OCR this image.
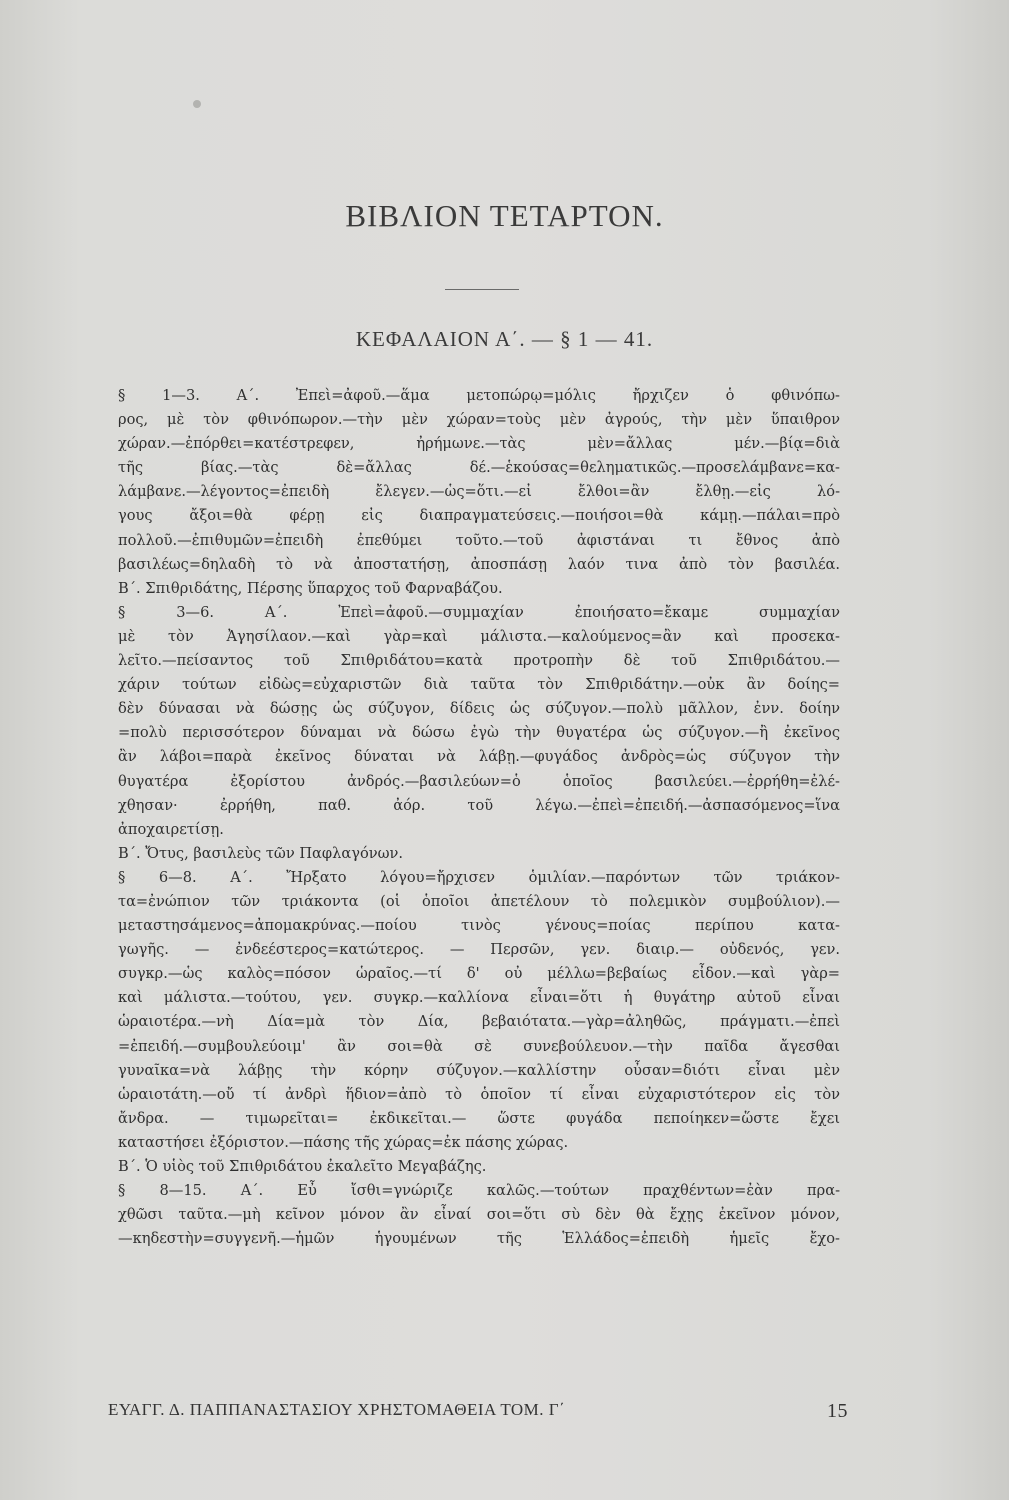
ΒΙΒΛΙΟΝ ΤΕΤΑΡΤΟΝ.
ΚΕΦΑΛΑΙΟΝ Α΄. — § 1 — 41.
§ 1—3. Α΄. Ἐπεὶ=ἀφοῦ.—ἅμα μετοπώρῳ=μόλις ἤρχιζεν ὁ φθινόπω-
ρος, μὲ τὸν φθινόπωρον.—τὴν μὲν χώραν=τοὺς μὲν ἀγρούς, τὴν μὲν ὕπαιθρον
χώραν.—ἐπόρθει=κατέστρεφεν, ἠρήμωνε.—τὰς μὲν=ἄλλας μέν.—βίᾳ=διὰ
τῆς βίας.—τὰς δὲ=ἄλλας δέ.—ἑκούσας=θεληματικῶς.—προσελάμβανε=κα-
λάμβανε.—λέγοντος=ἐπειδὴ ἔλεγεν.—ὡς=ὅτι.—εἰ ἔλθοι=ἂν ἔλθῃ.—εἰς λό-
γους ἄξοι=θὰ φέρῃ εἰς διαπραγματεύσεις.—ποιήσοι=θὰ κάμῃ.—πάλαι=πρὸ
πολλοῦ.—ἐπιθυμῶν=ἐπειδὴ ἐπεθύμει τοῦτο.—τοῦ ἀφιστάναι τι ἔθνος ἀπὸ
βασιλέως=δηλαδὴ τὸ νὰ ἀποστατήσῃ, ἀποσπάσῃ λαόν τινα ἀπὸ τὸν βασιλέα.
Β΄. Σπιθριδάτης, Πέρσης ὕπαρχος τοῦ Φαρναβάζου.
§ 3—6. Α΄. Ἐπεὶ=ἀφοῦ.—συμμαχίαν ἐποιήσατο=ἔκαμε συμμαχίαν
μὲ τὸν Ἀγησίλαον.—καὶ γὰρ=καὶ μάλιστα.—καλούμενος=ἂν καὶ προσεκα-
λεῖτο.—πείσαντος τοῦ Σπιθριδάτου=κατὰ προτροπὴν δὲ τοῦ Σπιθριδάτου.—
χάριν τούτων εἰδὼς=εὐχαριστῶν διὰ ταῦτα τὸν Σπιθριδάτην.—οὐκ ἂν δοίης=
δὲν δύνασαι νὰ δώσῃς ὡς σύζυγον, δίδεις ὡς σύζυγον.—πολὺ μᾶλλον, ἐνν. δοίην
=πολὺ περισσότερον δύναμαι νὰ δώσω ἐγὼ τὴν θυγατέρα ὡς σύζυγον.—ἢ ἐκεῖνος
ἂν λάβοι=παρὰ ἐκεῖνος δύναται νὰ λάβῃ.—φυγάδος ἀνδρὸς=ὡς σύζυγον τὴν
θυγατέρα ἐξορίστου ἀνδρός.—βασιλεύων=ὁ ὁποῖος βασιλεύει.—ἐρρήθη=ἐλέ-
χθησαν· ἐρρήθη, παθ. ἀόρ. τοῦ λέγω.—ἐπεὶ=ἐπειδή.—ἀσπασόμενος=ἵνα
ἀποχαιρετίσῃ.
Β΄. Ὄτυς, βασιλεὺς τῶν Παφλαγόνων.
§ 6—8. Α΄. Ἤρξατο λόγου=ἤρχισεν ὁμιλίαν.—παρόντων τῶν τριάκον-
τα=ἐνώπιον τῶν τριάκοντα (οἱ ὁποῖοι ἀπετέλουν τὸ πολεμικὸν συμβούλιον).—
μεταστησάμενος=ἀπομακρύνας.—ποίου τινὸς γένους=ποίας περίπου κατα-
γωγῆς. — ἐνδεέστερος=κατώτερος. — Περσῶν, γεν. διαιρ.— οὐδενός, γεν.
συγκρ.—ὡς καλὸς=πόσον ὡραῖος.—τί δ' οὐ μέλλω=βεβαίως εἶδον.—καὶ γὰρ=
καὶ μάλιστα.—τούτου, γεν. συγκρ.—καλλίονα εἶναι=ὅτι ἡ θυγάτηρ αὐτοῦ εἶναι
ὡραιοτέρα.—νὴ Δία=μὰ τὸν Δία, βεβαιότατα.—γὰρ=ἀληθῶς, πράγματι.—ἐπεὶ
=ἐπειδή.—συμβουλεύοιμ' ἂν σοι=θὰ σὲ συνεβούλευον.—τὴν παῖδα ἄγεσθαι
γυναῖκα=νὰ λάβῃς τὴν κόρην σύζυγον.—καλλίστην οὖσαν=διότι εἶναι μὲν
ὡραιοτάτη.—οὔ τί ἀνδρὶ ἥδιον=ἀπὸ τὸ ὁποῖον τί εἶναι εὐχαριστότερον εἰς τὸν
ἄνδρα. — τιμωρεῖται= ἐκδικεῖται.— ὥστε φυγάδα πεποίηκεν=ὥστε ἔχει
καταστήσει ἐξόριστον.—πάσης τῆς χώρας=ἐκ πάσης χώρας.
Β΄. Ὁ υἱὸς τοῦ Σπιθριδάτου ἐκαλεῖτο Μεγαβάζης.
§ 8—15. Α΄. Εὖ ἴσθι=γνώριζε καλῶς.—τούτων πραχθέντων=ἐὰν πρα-
χθῶσι ταῦτα.—μὴ κεῖνον μόνον ἂν εἶναί σοι=ὅτι σὺ δὲν θὰ ἔχῃς ἐκεῖνον μόνον,
—κηδεστὴν=συγγενῆ.—ἡμῶν ἡγουμένων τῆς Ἑλλάδος=ἐπειδὴ ἡμεῖς ἔχο-
ΕΥΑΓΓ. Δ. ΠΑΠΠΑΝΑΣΤΑΣΙΟΥ ΧΡΗΣΤΟΜΑΘΕΙΑ ΤΟΜ. Γ΄	15
